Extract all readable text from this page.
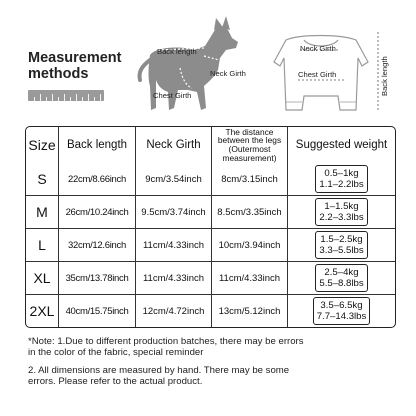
Measurement
methods
Back length
Neck Girth
Chest Girth
Neck Girth
Chest Girth	Back length
Size	Back length	Neck Girth	The distance between the legs (Outermost measurement)	Suggested weight
S	22cm/8.66inch	9cm/3.54inch	8cm/3.15inch	0.5–1kg
1.1–2.2lbs
M	26cm/10.24inch	9.5cm/3.74inch	8.5cm/3.35inch	1–1.5kg
2.2–3.3lbs
L	32cm/12.6inch	11cm/4.33inch	10cm/3.94inch	1.5–2.5kg
3.3–5.5lbs
XL	35cm/13.78inch	11cm/4.33inch	11cm/4.33inch	2.5–4kg
5.5–8.8lbs
2XL	40cm/15.75inch	12cm/4.72inch	13cm/5.12inch	3.5–6.5kg
7.7–14.3lbs
*Note: 1.Due to different production batches, there may be errors
in the color of the fabric, special reminder
2. All dimensions are measured by hand. There may be some
errors. Please refer to the actual product.
